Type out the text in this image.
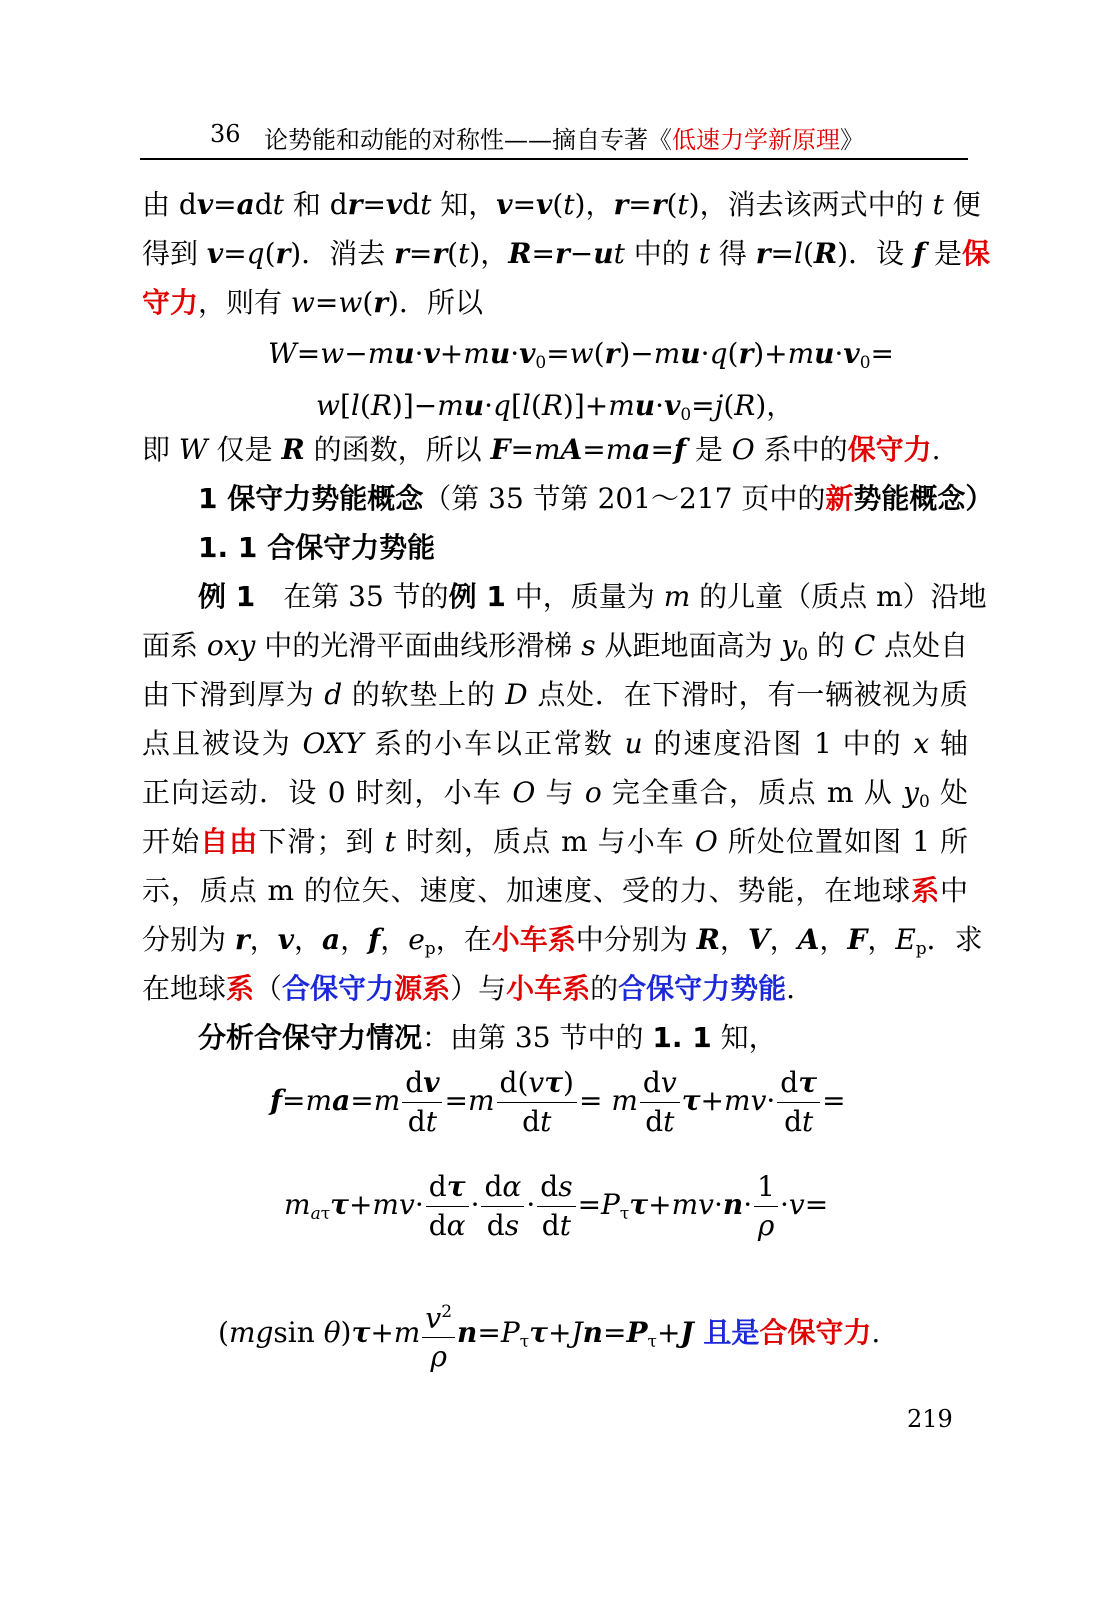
36 论势能和动能的对称性——摘自专著《低速力学新原理》

由 dv=adt 和 dr=vdt 知，v=v(t)，r=r(t)，消去该两式中的 t 便

得到 v=q(r)．消去 r=r(t)，R=r−ut 中的 t 得 r=l(R)．设 f 是保

守力，则有 w=w(r)．所以

即 W 仅是 R 的函数，所以 F=mA=ma=f 是 O 系中的保守力.

1 保守力势能概念（第 35 节第 201～217 页中的新势能概念）

1. 1 合保守力势能

例 1　在第 35 节的例 1 中，质量为 m 的儿童（质点 m）沿地

面系 oxy 中的光滑平面曲线形滑梯 s 从距地面高为 $y_0$ 的 C 点处自

由下滑到厚为 d 的软垫上的 D 点处．在下滑时，有一辆被视为质

点且被设为 OXY 系的小车以正常数 u 的速度沿图 1 中的 x 轴

正向运动．设 0 时刻，小车 O 与 o 完全重合，质点 m 从 $y_0$ 处

开始自由下滑；到 t 时刻，质点 m 与小车 O 所处位置如图 1 所

示，质点 m 的位矢、速度、加速度、受的力、势能，在地球系中

分别为 r，v，a，f，$e_p$，在小车系中分别为 R，V，A，F，$E_p$．求

在地球系（合保守力源系）与小车系的合保守力势能.

分析合保守力情况：由第 35 节中的 1. 1 知，

$W=w-mu\cdot v+mu\cdot v_0=w(r)-mu\cdot q(r)+mu\cdot v_0=$
$w[l(R)]-mu\cdot q[l(R)]+mu\cdot v_0=j(R)$，
$f=ma=m \frac{dv}{dt} =m \frac{d(v\tau)}{dt} = m \frac{dv}{dt} \tau+mv\cdot \frac{d\tau}{dt}$ =
$m_{a\tau}\tau+mv\cdot \frac{d\tau}{d\alpha} \cdot \frac{d\alpha}{ds} \cdot \frac{ds}{dt} =P_\tau\tau+mv\cdot n\cdot \frac{1}{\rho} \cdot v=$
(mgsin $\theta)\tau+m \frac{v^2}{\rho} n=P_\tau\tau+Jn=P_\tau+J$ 且是合保守力.
219
